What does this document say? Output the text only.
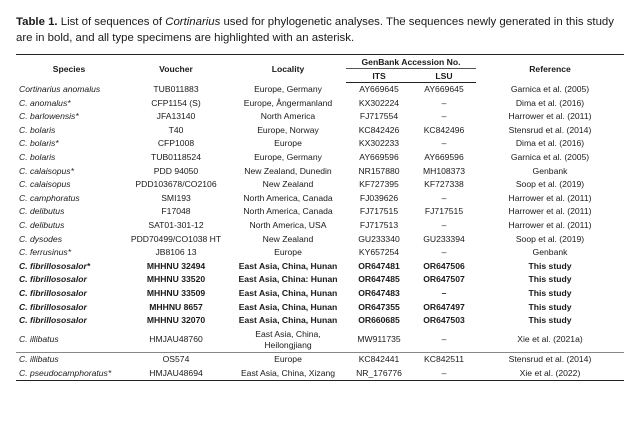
Table 1. List of sequences of Cortinarius used for phylogenetic analyses. The sequences newly generated in this study are in bold, and all type specimens are highlighted with an asterisk.

Species	Voucher	Locality	GenBank Accession No.		Reference
			ITS	LSU	
Cortinarius anomalus	TUB011883	Europe, Germany	AY669645	AY669645	Garnica et al. (2005)
C. anomalus*	CFP1154 (S)	Europe, Ångermanland	KX302224	–	Dima et al. (2016)
C. barlowensis*	JFA13140	North America	FJ717554	–	Harrower et al. (2011)
C. bolaris	T40	Europe, Norway	KC842426	KC842496	Stensrud et al. (2014)
C. bolaris*	CFP1008	Europe	KX302233	–	Dima et al. (2016)
C. bolaris	TUB0118524	Europe, Germany	AY669596	AY669596	Garnica et al. (2005)
C. calaisopus*	PDD 94050	New Zealand, Dunedin	NR157880	MH108373	Genbank
C. calaisopus	PDD103678/CO2106	New Zealand	KF727395	KF727338	Soop et al. (2019)
C. camphoratus	SMI193	North America, Canada	FJ039626	–	Harrower et al. (2011)
C. delibutus	F17048	North America, Canada	FJ717515	FJ717515	Harrower et al. (2011)
C. delibutus	SAT01-301-12	North America, USA	FJ717513	–	Harrower et al. (2011)
C. dysodes	PDD70499/CO1038 HT	New Zealand	GU233340	GU233394	Soop et al. (2019)
C. ferrusinus*	JB8106 13	Europe	KY657254	–	Genbank
C. fibrillososalor*	MHHNU 32494	East Asia, China, Hunan	OR647481	OR647506	This study
C. fibrillososalor	MHHNU 33520	East Asia, China: Hunan	OR647485	OR647507	This study
C. fibrillososalor	MHHNU 33509	East Asia, China, Hunan	OR647483	–	This study
C. fibrillososalor	MHHNU 8657	East Asia, China, Hunan	OR647355	OR647497	This study
C. fibrillososalor	MHHNU 32070	East Asia, China, Hunan	OR660685	OR647503	This study
C. illibatus	HMJAU48760	East Asia, China, Heilongjiang	MW911735	–	Xie et al. (2021a)
C. illibatus	OS574	Europe	KC842441	KC842511	Stensrud et al. (2014)
C. pseudocamphoratus*	HMJAU48694	East Asia, China, Xizang	NR_176776	–	Xie et al. (2022)
